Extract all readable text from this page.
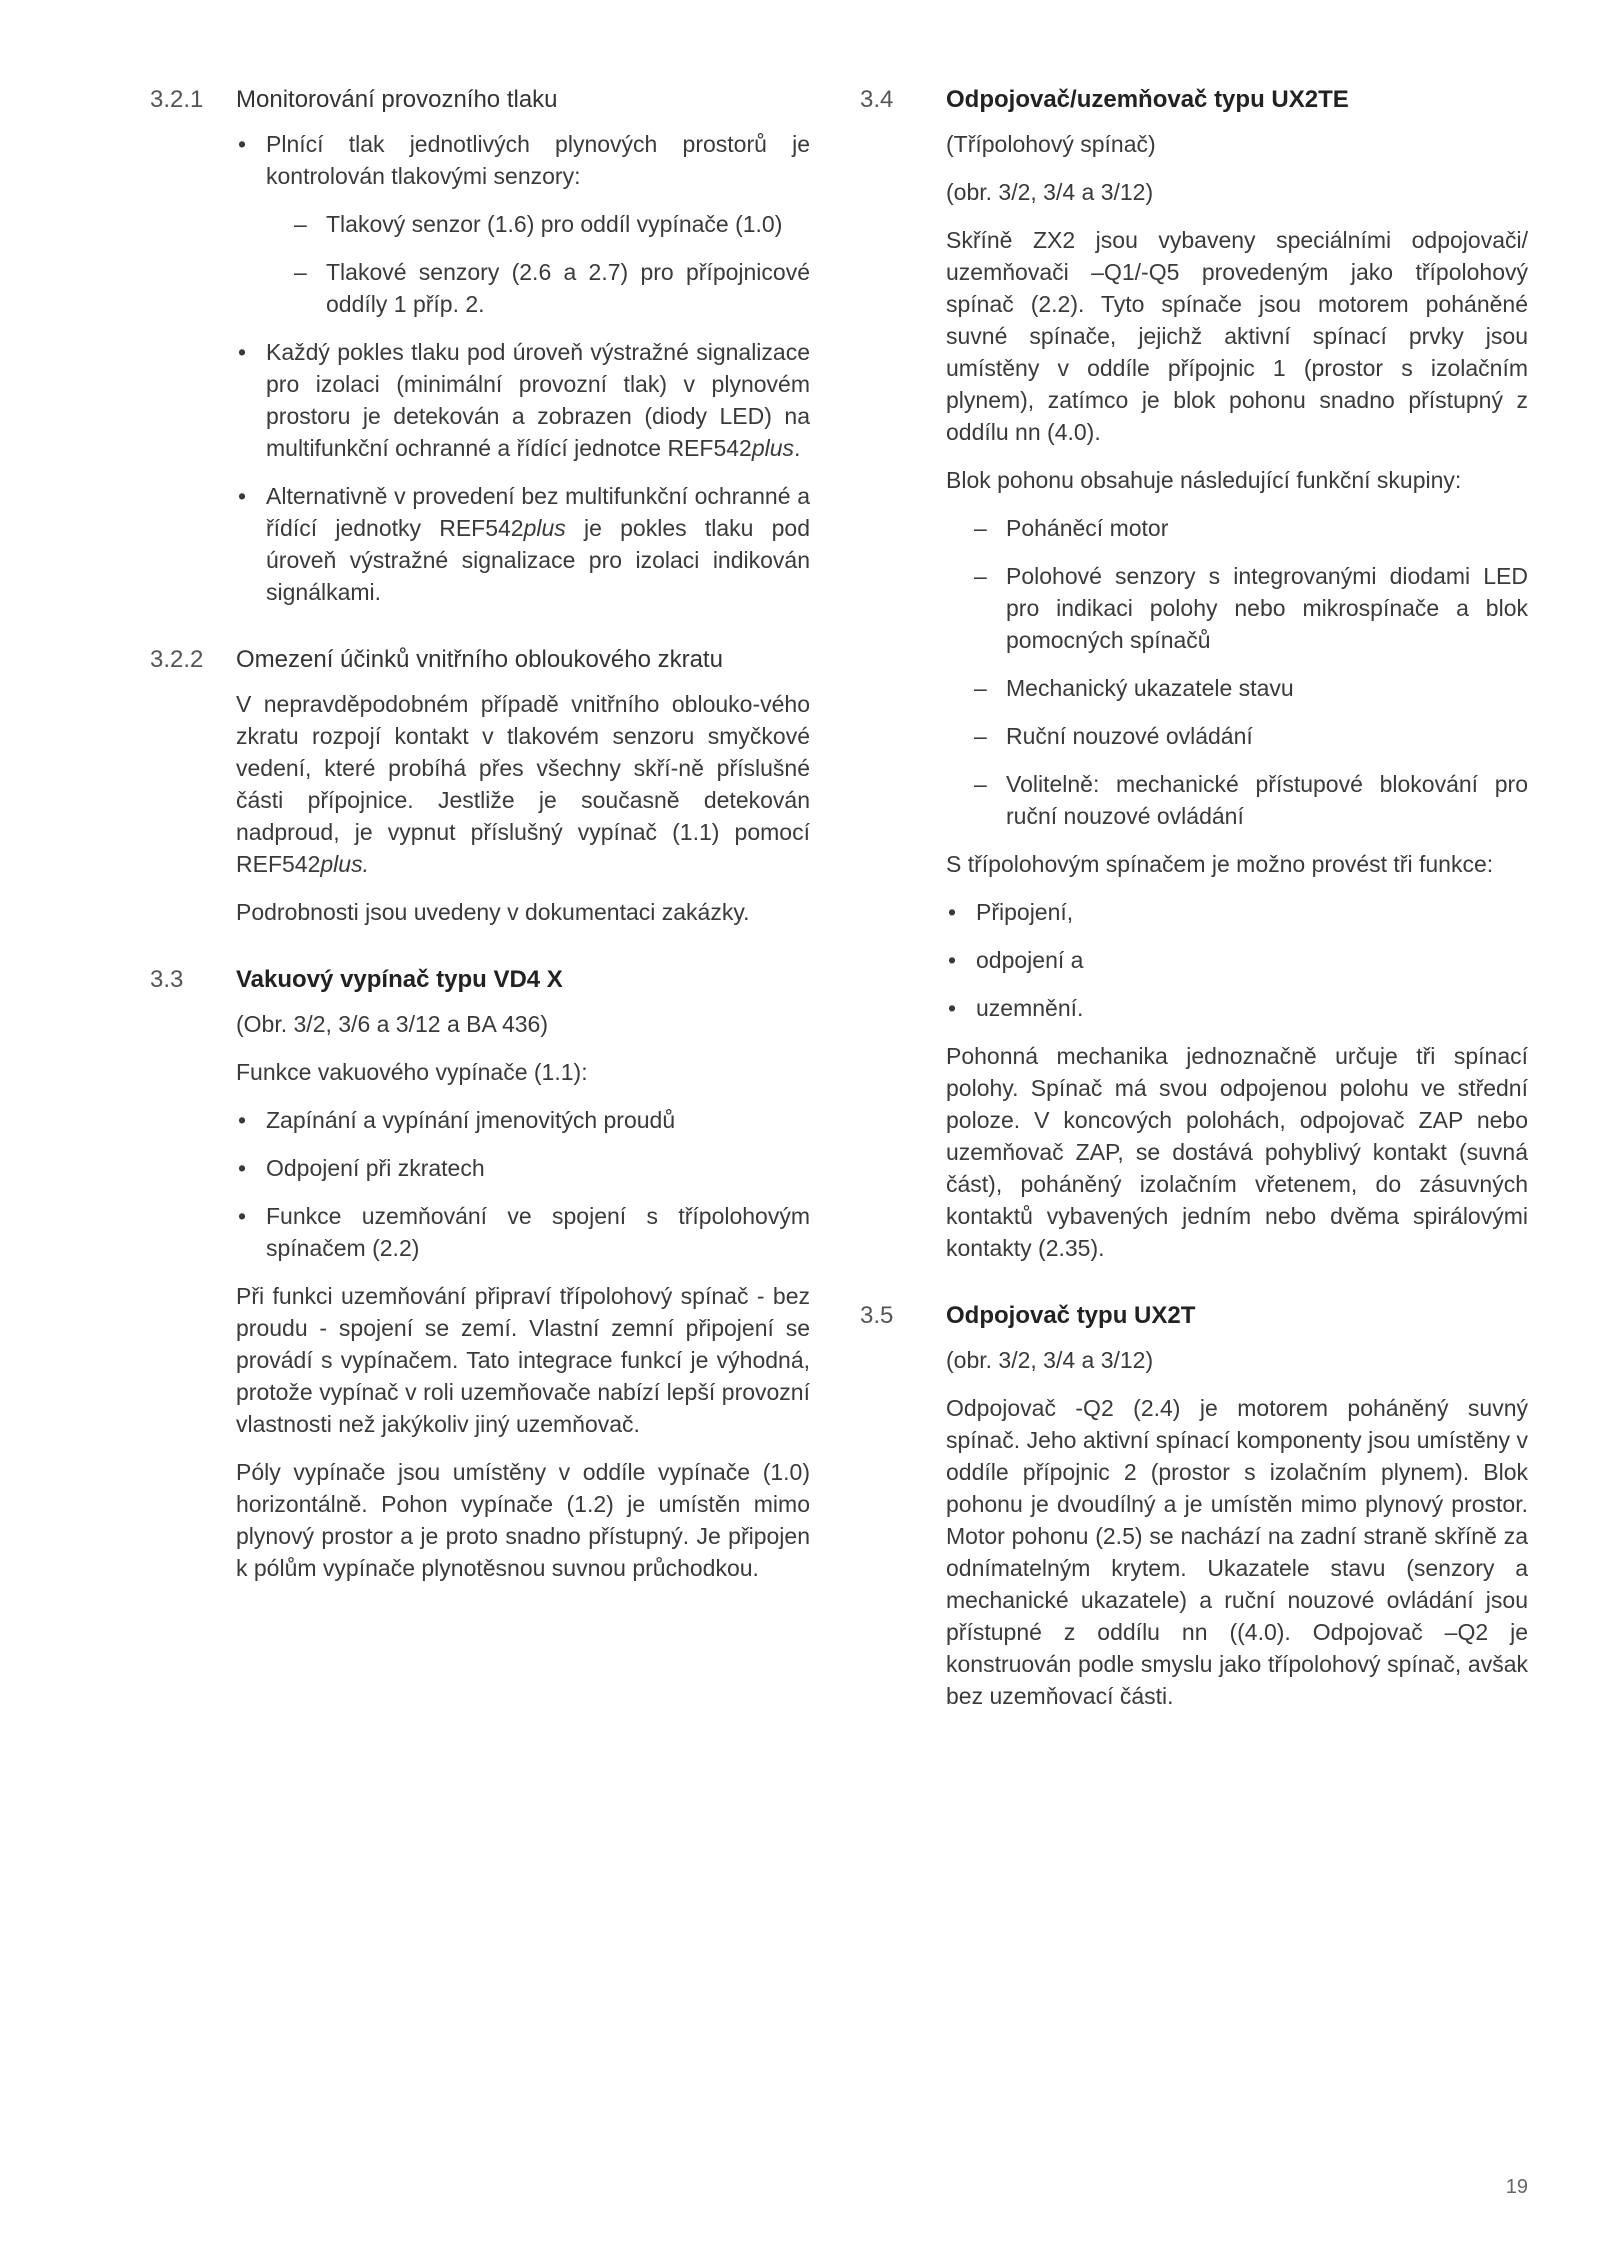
3.2.1 Monitorování provozního tlaku
• Plnící tlak jednotlivých plynových prostorů je kontrolován tlakovými senzory:
– Tlakový senzor (1.6) pro oddíl vypínače (1.0)
– Tlakové senzory (2.6 a 2.7) pro přípojnicové oddíly 1 příp. 2.
• Každý pokles tlaku pod úroveň výstražné signalizace pro izolaci (minimální provozní tlak) v plynovém prostoru je detekován a zobrazen (diody LED) na multifunkční ochranné a řídící jednotce REF542plus.
• Alternativně v provedení bez multifunkční ochranné a řídící jednotky REF542plus je pokles tlaku pod úroveň výstražné signalizace pro izolaci indikován signálkami.
3.2.2 Omezení účinků vnitřního obloukového zkratu

V nepravděpodobném případě vnitřního oblouko-vého zkratu rozpojí kontakt v tlakovém senzoru smyčkové vedení, které probíhá přes všechny skří-ně příslušné části přípojnice. Jestliže je současně detekován nadproud, je vypnut příslušný vypínač (1.1) pomocí REF542plus.

Podrobnosti jsou uvedeny v dokumentaci zakázky.

3.3 Vakuový vypínač typu VD4 X

(Obr. 3/2, 3/6 a 3/12 a BA 436)

Funkce vakuového vypínače (1.1):

• Zapínání a vypínání jmenovitých proudů
• Odpojení při zkratech
• Funkce uzemňování ve spojení s třípolohovým spínačem (2.2)

Při funkci uzemňování připraví třípolohový spínač - bez proudu - spojení se zemí. Vlastní zemní připojení se provádí s vypínačem. Tato integrace funkcí je výhodná, protože vypínač v roli uzemňovače nabízí lepší provozní vlastnosti než jakýkoliv jiný uzemňovač.

Póly vypínače jsou umístěny v oddíle vypínače (1.0) horizontálně. Pohon vypínače (1.2) je umístěn mimo plynový prostor a je proto snadno přístupný. Je připojen k pólům vypínače plynotěsnou suvnou průchodkou.

3.4 Odpojovač/uzemňovač typu UX2TE

(Třípolohový spínač)

(obr. 3/2, 3/4 a 3/12)

Skříně ZX2 jsou vybaveny speciálními odpojovači/ uzemňovači –Q1/-Q5 provedeným jako třípolohový spínač (2.2). Tyto spínače jsou motorem poháněné suvné spínače, jejichž aktivní spínací prvky jsou umístěny v oddíle přípojnic 1 (prostor s izolačním plynem), zatímco je blok pohonu snadno přístupný z oddílu nn (4.0).

Blok pohonu obsahuje následující funkční skupiny:

– Poháněcí motor
– Polohové senzory s integrovanými diodami LED pro indikaci polohy nebo mikrospínače a blok pomocných spínačů
– Mechanický ukazatele stavu
– Ruční nouzové ovládání
– Volitelně: mechanické přístupové blokování pro ruční nouzové ovládání

S třípolohovým spínačem je možno provést tři funkce:

• Připojení,
• odpojení a
• uzemnění.

Pohonná mechanika jednoznačně určuje tři spínací polohy. Spínač má svou odpojenou polohu ve střední poloze. V koncových polohách, odpojovač ZAP nebo uzemňovač ZAP, se dostává pohyblivý kontakt (suvná část), poháněný izolačním vřetenem, do zásuvných kontaktů vybavených jedním nebo dvěma spirálovými kontakty (2.35).

3.5 Odpojovač typu UX2T

(obr. 3/2, 3/4 a 3/12)

Odpojovač -Q2 (2.4) je motorem poháněný suvný spínač. Jeho aktivní spínací komponenty jsou umístěny v oddíle přípojnic 2 (prostor s izolačním plynem). Blok pohonu je dvoudílný a je umístěn mimo plynový prostor. Motor pohonu (2.5) se nachází na zadní straně skříně za odnímatelným krytem. Ukazatele stavu (senzory a mechanické ukazatele) a ruční nouzové ovládání jsou přístupné z oddílu nn ((4.0). Odpojovač –Q2 je konstruován podle smyslu jako třípolohový spínač, avšak bez uzemňovací části.

19
